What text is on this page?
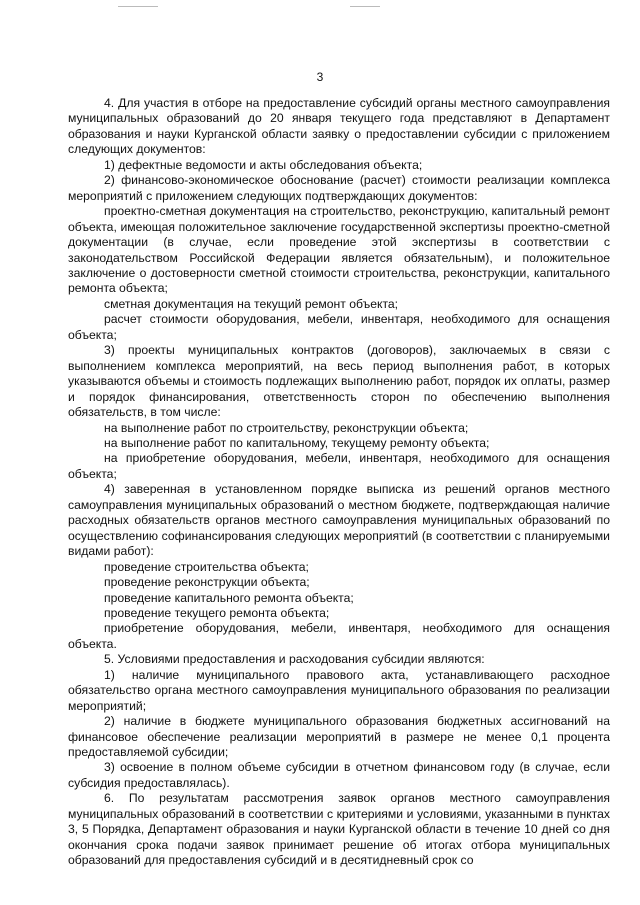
3

4. Для участия в отборе на предоставление субсидий органы местного самоуправления муниципальных образований до 20 января текущего года представляют в Департамент образования и науки Курганской области заявку о предоставлении субсидии с приложением следующих документов:

1) дефектные ведомости и акты обследования объекта;

2) финансово-экономическое обоснование (расчет) стоимости реализации комплекса мероприятий с приложением следующих подтверждающих документов:

проектно-сметная документация на строительство, реконструкцию, капитальный ремонт объекта, имеющая положительное заключение государственной экспертизы проектно-сметной документации (в случае, если проведение этой экспертизы в соответствии с законодательством Российской Федерации является обязательным), и положительное заключение о достоверности сметной стоимости строительства, реконструкции, капитального ремонта объекта;

сметная документация на текущий ремонт объекта;

расчет стоимости оборудования, мебели, инвентаря, необходимого для оснащения объекта;

3) проекты муниципальных контрактов (договоров), заключаемых в связи с выполнением комплекса мероприятий, на весь период выполнения работ, в которых указываются объемы и стоимость подлежащих выполнению работ, порядок их оплаты, размер и порядок финансирования, ответственность сторон по обеспечению выполнения обязательств, в том числе:

на выполнение работ по строительству, реконструкции объекта;

на выполнение работ по капитальному, текущему ремонту объекта;

на приобретение оборудования, мебели, инвентаря, необходимого для оснащения объекта;

4) заверенная в установленном порядке выписка из решений органов местного самоуправления муниципальных образований о местном бюджете, подтверждающая наличие расходных обязательств органов местного самоуправления муниципальных образований по осуществлению софинансирования следующих мероприятий (в соответствии с планируемыми видами работ):

проведение строительства объекта;

проведение реконструкции объекта;

проведение капитального ремонта объекта;

проведение текущего ремонта объекта;

приобретение оборудования, мебели, инвентаря, необходимого для оснащения объекта.

5. Условиями предоставления и расходования субсидии являются:

1) наличие муниципального правового акта, устанавливающего расходное обязательство органа местного самоуправления муниципального образования по реализации мероприятий;

2) наличие в бюджете муниципального образования бюджетных ассигнований на финансовое обеспечение реализации мероприятий в размере не менее 0,1 процента предоставляемой субсидии;

3) освоение в полном объеме субсидии в отчетном финансовом году (в случае, если субсидия предоставлялась).

6. По результатам рассмотрения заявок органов местного самоуправления муниципальных образований в соответствии с критериями и условиями, указанными в пунктах 3, 5 Порядка, Департамент образования и науки Курганской области в течение 10 дней со дня окончания срока подачи заявок принимает решение об итогах отбора муниципальных образований для предоставления субсидий и в десятидневный срок со
